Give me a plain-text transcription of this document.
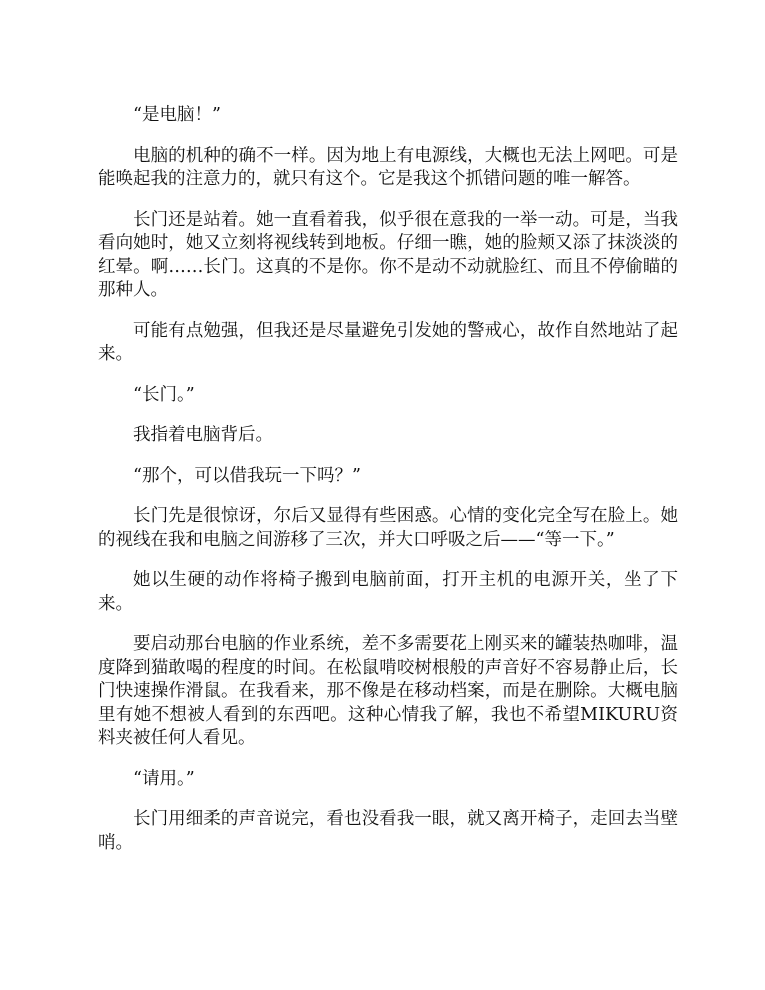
“是电脑！”

电脑的机种的确不一样。因为地上有电源线，大概也无法上网吧。可是能唤起我的注意力的，就只有这个。它是我这个抓错问题的唯一解答。

长门还是站着。她一直看着我，似乎很在意我的一举一动。可是，当我看向她时，她又立刻将视线转到地板。仔细一瞧，她的脸颊又添了抹淡淡的红晕。啊……长门。这真的不是你。你不是动不动就脸红、而且不停偷瞄的那种人。

可能有点勉强，但我还是尽量避免引发她的警戒心，故作自然地站了起来。

“长门。”

我指着电脑背后。

“那个，可以借我玩一下吗？”

长门先是很惊讶，尔后又显得有些困惑。心情的变化完全写在脸上。她的视线在我和电脑之间游移了三次，并大口呼吸之后——“等一下。”

她以生硬的动作将椅子搬到电脑前面，打开主机的电源开关，坐了下来。

要启动那台电脑的作业系统，差不多需要花上刚买来的罐装热咖啡，温度降到猫敢喝的程度的时间。在松鼠啃咬树根般的声音好不容易静止后，长门快速操作滑鼠。在我看来，那不像是在移动档案，而是在删除。大概电脑里有她不想被人看到的东西吧。这种心情我了解，我也不希望MIKURU资料夹被任何人看见。

“请用。”

长门用细柔的声音说完，看也没看我一眼，就又离开椅子，走回去当壁哨。
